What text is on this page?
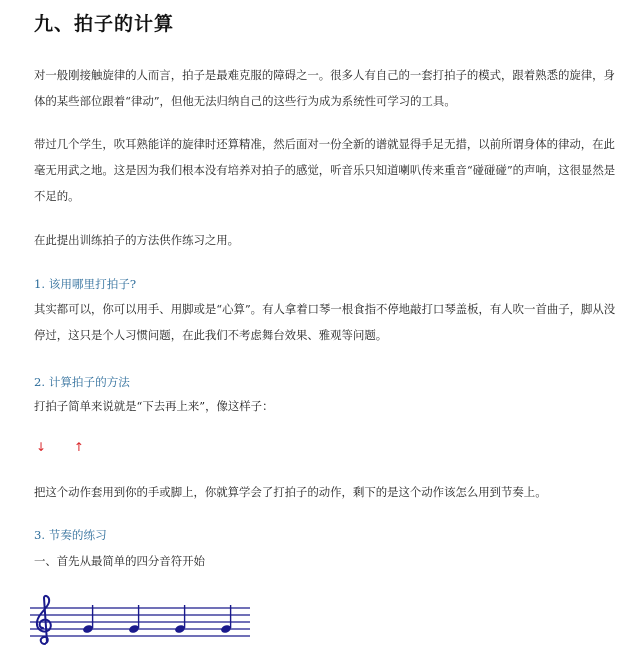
九、拍子的计算

对一般刚接触旋律的人而言，拍子是最难克服的障碍之一。很多人有自己的一套打拍子的模式，跟着熟悉的旋律，身体的某些部位跟着“律动”，但他无法归纳自己的这些行为成为系统性可学习的工具。

带过几个学生，吹耳熟能详的旋律时还算精准，然后面对一份全新的谱就显得手足无措，以前所谓身体的律动，在此毫无用武之地。这是因为我们根本没有培养对拍子的感觉，听音乐只知道喇叭传来重音“碰碰碰”的声响，这很显然是不足的。

在此提出训练拍子的方法供作练习之用。

1. 该用哪里打拍子?

其实都可以，你可以用手、用脚或是“心算”。有人拿着口琴一根食指不停地敲打口琴盖板，有人吹一首曲子，脚从没停过，这只是个人习惯问题，在此我们不考虑舞台效果、雅观等问题。

2. 计算拍子的方法

打拍子简单来说就是“下去再上来”，像这样子：

↓ ↑

把这个动作套用到你的手或脚上，你就算学会了打拍子的动作，剩下的是这个动作该怎么用到节奏上。

3. 节奏的练习

一、首先从最简单的四分音符开始
